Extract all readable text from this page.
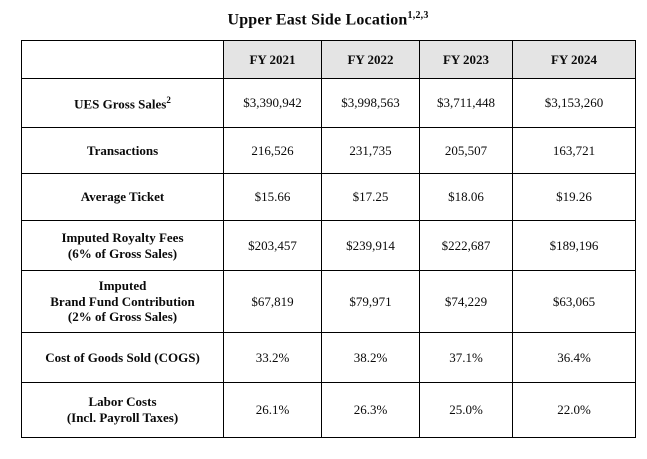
Upper East Side Location$^{1,2,3}$
	FY 2021	FY 2022	FY 2023	FY 2024
UES Gross Sales$^2$	$3,390,942	$3,998,563	$3,711,448	$3,153,260

Transactions	216,526	231,735	205,507	163,721

Average Ticket	$15.66	$17.25	$18.06	$19.26

Imputed Royalty Fees
(6% of Gross Sales)	$203,457	$239,914	$222,687	$189,196

Imputed
Brand Fund Contribution
(2% of Gross Sales)	$67,819	$79,971	$74,229	$63,065

Cost of Goods Sold (COGS)	33.2%	38.2%	37.1%	36.4%

Labor Costs
(Incl. Payroll Taxes)	26.1%	26.3%	25.0%	22.0%
